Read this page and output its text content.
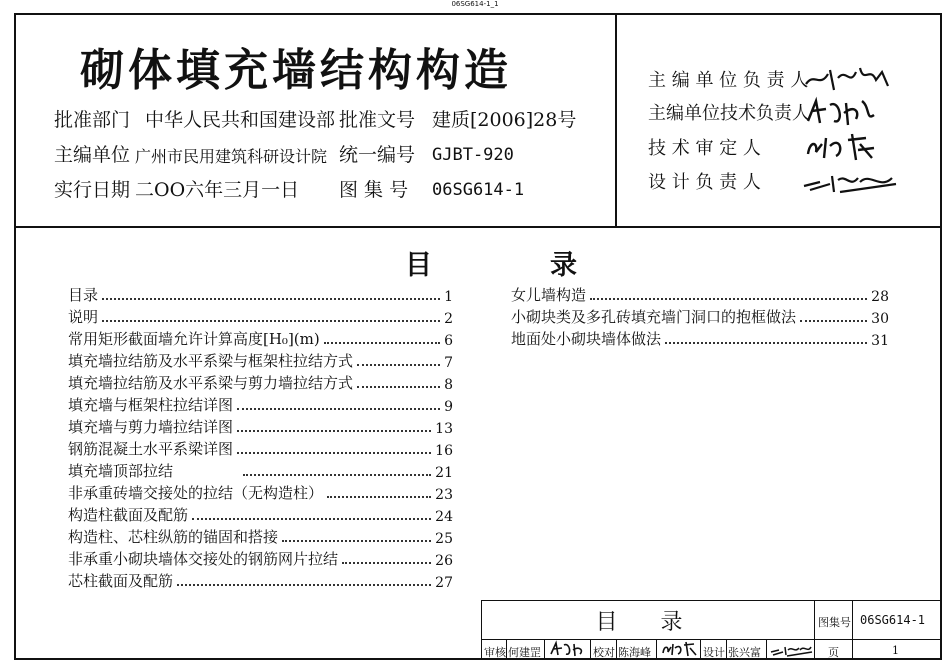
06SG614-1_1
砌体填充墙结构构造
批准部门 中华人民共和国建设部 批准文号 建质[2006]28号
主编单位 广州市民用建筑科研设计院 统一编号 GJBT-920
实行日期 二OO六年三月一日 图 集 号 06SG614-1
主 编 单 位 负 责 人
主编单位技术负责人
技 术 审 定 人
设 计 负 责 人
目	录
目录	1
说明	2
常用矩形截面墙允许计算高度[H₀](m)	6
填充墙拉结筋及水平系梁与框架柱拉结方式	7
填充墙拉结筋及水平系梁与剪力墙拉结方式	8
填充墙与框架柱拉结详图	9
填充墙与剪力墙拉结详图	13
钢筋混凝土水平系梁详图	16
填充墙顶部拉结	21
非承重砖墙交接处的拉结（无构造柱）	23
构造柱截面及配筋	24
构造柱、芯柱纵筋的锚固和搭接	25
非承重小砌块墙体交接处的钢筋网片拉结	26
芯柱截面及配筋	27
女儿墙构造	28
小砌块类及多孔砖填充墙门洞口的抱框做法	30
地面处小砌块墙体做法	31
目 录	图集号 06SG614-1
页	1
审核 何建罡	校对 陈海峰	设计 张兴富
